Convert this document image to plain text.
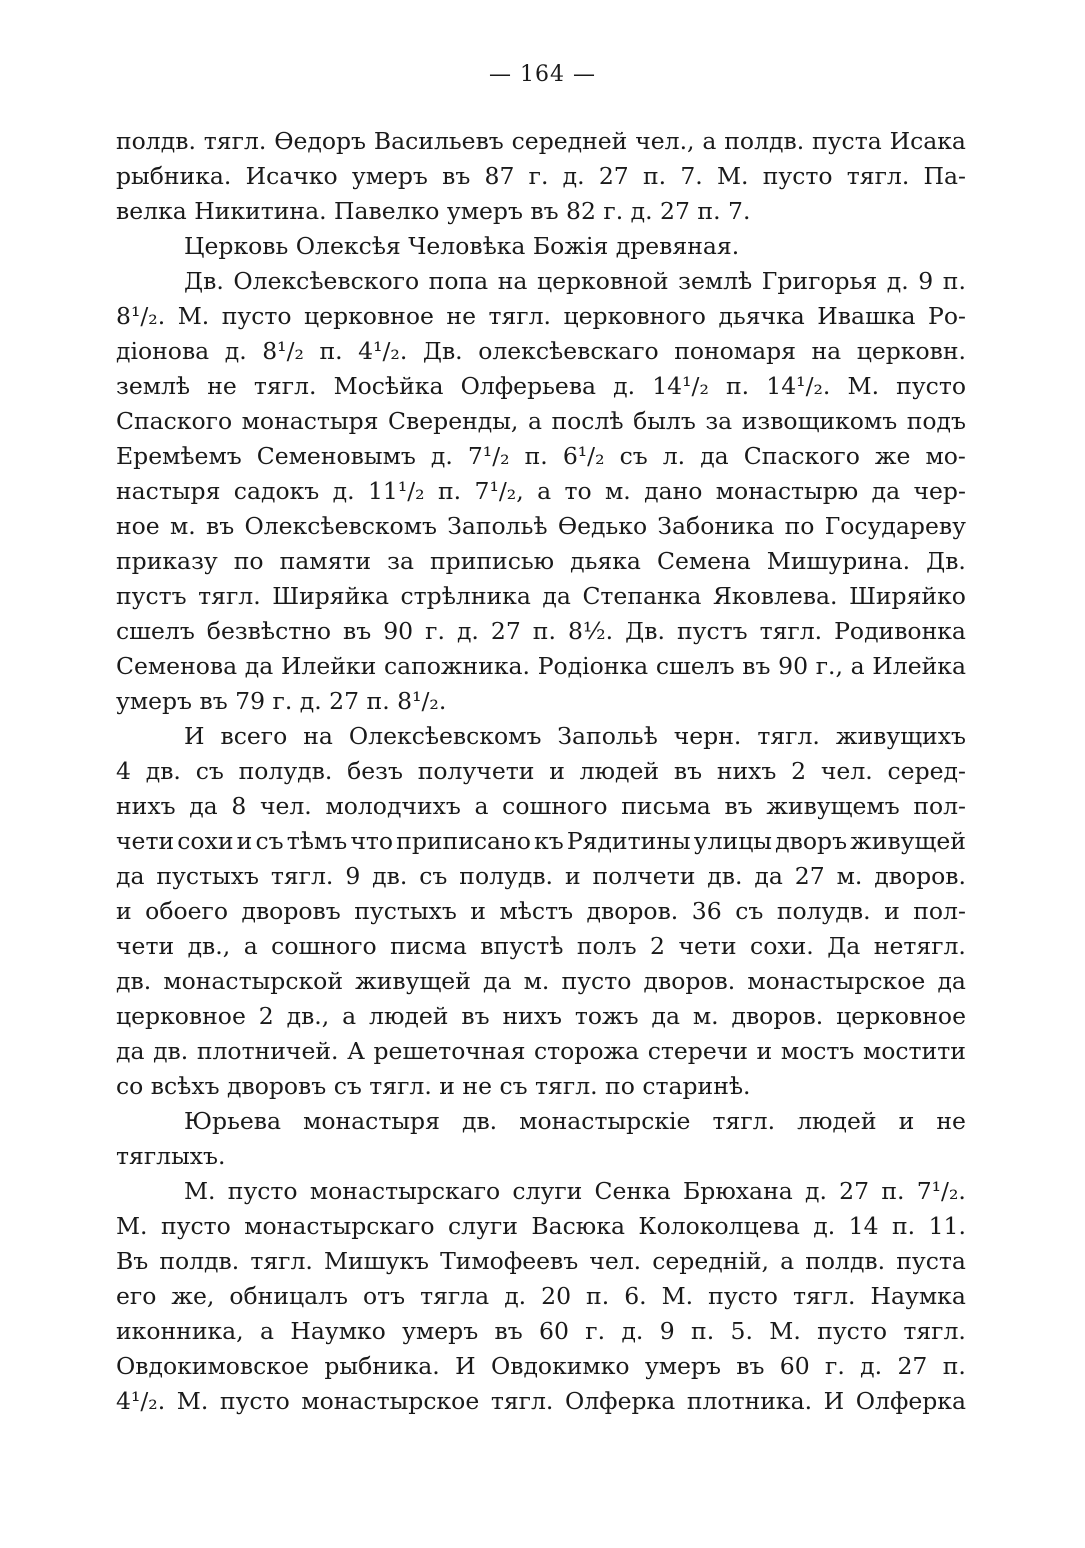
— 164 —
полдв. тягл. Өедоръ Васильевъ середней чел., а полдв. пуста Исака
рыбника. Исачко умеръ въ 87 г. д. 27 п. 7. М. пусто тягл. Па-
велка Никитина. Павелко умеръ въ 82 г. д. 27 п. 7.
Церковь Олексѣя Человѣка Божія древяная.
Дв. Олексѣевского попа на церковной землѣ Григорья д. 9 п.
8¹/₂. М. пусто церковное не тягл. церковного дьячка Ивашка Ро-
діонова д. 8¹/₂ п. 4¹/₂. Дв. олексѣевскаго пономаря на церковн.
землѣ не тягл. Мосѣйка Олферьева д. 14¹/₂ п. 14¹/₂. М. пусто
Спаского монастыря Сверенды, а послѣ былъ за извощикомъ подъ
Еремѣемъ Семеновымъ д. 7¹/₂ п. 6¹/₂ съ л. да Спаского же мо-
настыря садокъ д. 11¹/₂ п. 7¹/₂, а то м. дано монастырю да чер-
ное м. въ Олексѣевскомъ Запольѣ Өедько Забоника по Государеву
приказу по памяти за приписью дьяка Семена Мишурина. Дв.
пустъ тягл. Ширяйка стрѣлника да Степанка Яковлева. Ширяйко
сшелъ безвѣстно въ 90 г. д. 27 п. 8½. Дв. пустъ тягл. Родивонка
Семенова да Илейки сапожника. Родіонка сшелъ въ 90 г., а Илейка
умеръ въ 79 г. д. 27 п. 8¹/₂.
И всего на Олексѣевскомъ Запольѣ черн. тягл. живущихъ
4 дв. съ полудв. безъ получети и людей въ нихъ 2 чел. серед-
нихъ да 8 чел. молодчихъ а сошного письма въ живущемъ пол-
чети сохи и съ тѣмъ что приписано къ Рядитины улицы дворъ живущей
да пустыхъ тягл. 9 дв. съ полудв. и полчети дв. да 27 м. дворов.
и обоего дворовъ пустыхъ и мѣстъ дворов. 36 съ полудв. и пол-
чети дв., а сошного писма впустѣ полъ 2 чети сохи. Да нетягл.
дв. монастырской живущей да м. пусто дворов. монастырское да
церковное 2 дв., а людей въ нихъ тожъ да м. дворов. церковное
да дв. плотничей. А решеточная сторожа стеречи и мостъ мостити
со всѣхъ дворовъ съ тягл. и не съ тягл. по старинѣ.
Юрьева монастыря дв. монастырскіе тягл. людей и не
тяглыхъ.
М. пусто монастырскаго слуги Сенка Брюхана д. 27 п. 7¹/₂.
М. пусто монастырскаго слуги Васюка Колоколцева д. 14 п. 11.
Въ полдв. тягл. Мишукъ Тимофеевъ чел. середній, а полдв. пуста
его же, обницалъ отъ тягла д. 20 п. 6. М. пусто тягл. Наумка
иконника, а Наумко умеръ въ 60 г. д. 9 п. 5. М. пусто тягл.
Овдокимовское рыбника. И Овдокимко умеръ въ 60 г. д. 27 п.
4¹/₂. М. пусто монастырское тягл. Олферка плотника. И Олферка
